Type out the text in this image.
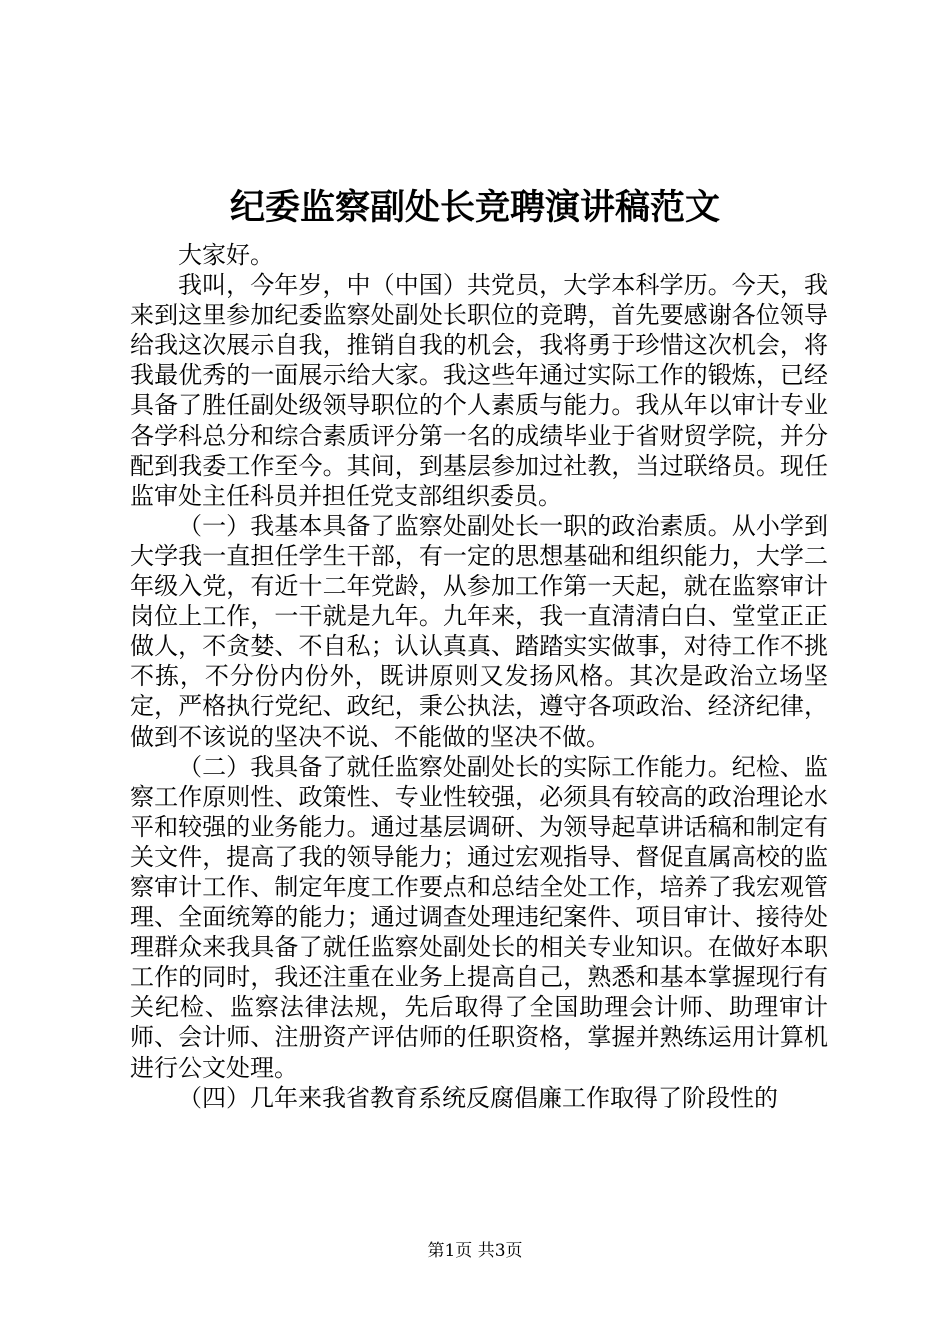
纪委监察副处长竞聘演讲稿范文

大家好。

我叫，今年岁，中（中国）共党员，大学本科学历。今天，我来到这里参加纪委监察处副处长职位的竞聘，首先要感谢各位领导给我这次展示自我，推销自我的机会，我将勇于珍惜这次机会，将我最优秀的一面展示给大家。我这些年通过实际工作的锻炼，已经具备了胜任副处级领导职位的个人素质与能力。我从年以审计专业各学科总分和综合素质评分第一名的成绩毕业于省财贸学院，并分配到我委工作至今。其间，到基层参加过社教，当过联络员。现任监审处主任科员并担任党支部组织委员。

（一）我基本具备了监察处副处长一职的政治素质。从小学到大学我一直担任学生干部，有一定的思想基础和组织能力，大学二年级入党，有近十二年党龄，从参加工作第一天起，就在监察审计岗位上工作，一干就是九年。九年来，我一直清清白白、堂堂正正做人，不贪婪、不自私；认认真真、踏踏实实做事，对待工作不挑不拣，不分份内份外，既讲原则又发扬风格。其次是政治立场坚定，严格执行党纪、政纪，秉公执法，遵守各项政治、经济纪律，做到不该说的坚决不说、不能做的坚决不做。

（二）我具备了就任监察处副处长的实际工作能力。纪检、监察工作原则性、政策性、专业性较强，必须具有较高的政治理论水平和较强的业务能力。通过基层调研、为领导起草讲话稿和制定有关文件，提高了我的领导能力；通过宏观指导、督促直属高校的监察审计工作、制定年度工作要点和总结全处工作，培养了我宏观管理、全面统筹的能力；通过调查处理违纪案件、项目审计、接待处理群众来我具备了就任监察处副处长的相关专业知识。在做好本职工作的同时，我还注重在业务上提高自己，熟悉和基本掌握现行有关纪检、监察法律法规，先后取得了全国助理会计师、助理审计师、会计师、注册资产评估师的任职资格，掌握并熟练运用计算机进行公文处理。

（四）几年来我省教育系统反腐倡廉工作取得了阶段性的

第1页 共3页
